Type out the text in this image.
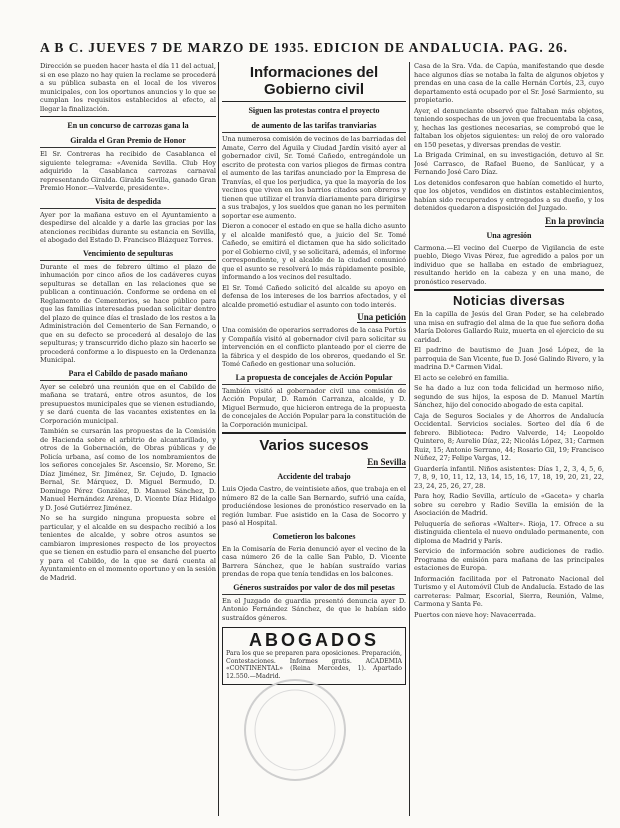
A B C. JUEVES 7 DE MARZO DE 1935. EDICION DE ANDALUCIA. PAG. 26.

Dirección se pueden hacer hasta el día 11 del actual, si en ese plazo no hay quien la reclame se procederá a su pública subasta en el local de los viveros municipales, con los oportunos anuncios y lo que se cumplan los requisitos establecidos al efecto, al llegar la finalización.

En un concurso de carrozas gana la
Giralda el Gran Premio de Honor

El Sr. Contreras ha recibido de Casablanca el siguiente telegrama: «Avenida Sevilla. Club Hoy adquirido la Casablanca carrozas carnaval representando Giralda. Giralda Sevilla, ganado Gran Premio Honor.—Valverde, presidente».

Visita de despedida

Ayer por la mañana estuvo en el Ayuntamiento a despedirse del alcalde y a darle las gracias por las atenciones recibidas durante su estancia en Sevilla, el abogado del Estado D. Francisco Blázquez Torres.

Vencimiento de sepulturas

Durante el mes de febrero último el plazo de inhumación por cinco años de los cadáveres cuyas sepulturas se detallan en las relaciones que se publican a continuación. Conforme se ordena en el Reglamento de Cementerios, se hace público para que las familias interesadas puedan solicitar dentro del plazo de quince días el traslado de los restos a la Administración del Cementerio de San Fernando, o que en su defecto se procederá al desalojo de las sepulturas; y transcurrido dicho plazo sin hacerlo se procederá conforme a lo dispuesto en la Ordenanza Municipal.

Para el Cabildo de pasado mañano

Ayer se celebró una reunión que en el Cabildo de mañana se tratará, entre otros asuntos, de los presupuestos municipales que se vienen estudiando, y se dará cuenta de las vacantes existentes en la Corporación municipal.

También se cursarán las propuestas de la Comisión de Hacienda sobre el arbitrio de alcantarillado, y otros de la Gobernación, de Obras públicas y de Policía urbana, así como de los nombramientos de los señores concejales Sr. Ascensio, Sr. Moreno, Sr. Díaz Jiménez, Sr. Jiménez, Sr. Cejudo, D. Ignacio Bernal, Sr. Márquez, D. Miguel Bermudo, D. Domingo Pérez González, D. Manuel Sánchez, D. Manuel Hernández Arenas, D. Vicente Díaz Hidalgo y D. José Gutiérrez Jiménez.

No se ha surgido ninguna propuesta sobre el particular, y el alcalde en su despacho recibió a los tenientes de alcalde, y sobre otros asuntos se cambiaron impresiones respecto de los proyectos que se tienen en estudio para el ensanche del puerto y para el Cabildo, de la que se dará cuenta al Ayuntamiento en el momento oportuno y en la sesión de Madrid.

Informaciones del Gobierno civil
Siguen las protestas contra el proyecto
de aumento de las tarifas tranviarias

Una numerosa comisión de vecinos de las barriadas del Amate, Cerro del Águila y Ciudad Jardín visitó ayer al gobernador civil, Sr. Tomé Cañedo, entregándole un escrito de protesta con varios pliegos de firmas contra el aumento de las tarifas anunciado por la Empresa de Tranvías, el que los perjudica, ya que la mayoría de los vecinos que viven en los barrios citados son obreros y tienen que utilizar el tranvía diariamente para dirigirse a sus trabajos, y los sueldos que ganan no les permiten soportar ese aumento.

Dieron a conocer el estado en que se halla dicho asunto y el alcalde manifestó que, a juicio del Sr. Tomé Cañedo, se emitirá el dictamen que ha sido solicitado por el Gobierno civil, y se solicitará, además, el informe correspondiente, y el alcalde de la ciudad comunicó que el asunto se resolverá lo más rápidamente posible, informando a los vecinos del resultado.

El Sr. Tomé Cañedo solicitó del alcalde su apoyo en defensa de los intereses de los barrios afectados, y el alcalde prometió estudiar el asunto con todo interés.

Una petición

Una comisión de operarios serradores de la casa Portús y Compañía visitó al gobernador civil para solicitar su intervención en el conflicto planteado por el cierre de la fábrica y el despido de los obreros, quedando el Sr. Tomé Cañedo en gestionar una solución.

La propuesta de concejales de Acción Popular

También visitó al gobernador civil una comisión de Acción Popular, D. Ramón Carranza, alcalde, y D. Miguel Bermudo, que hicieron entrega de la propuesta de concejales de Acción Popular para la constitución de la Corporación municipal.

Varios sucesos
En Sevilla
Accidente del trabajo

Luis Ojeda Castro, de veintisiete años, que trabaja en el número 82 de la calle San Bernardo, sufrió una caída, produciéndose lesiones de pronóstico reservado en la región lumbar. Fue asistido en la Casa de Socorro y pasó al Hospital.

Cometieron los balcones

En la Comisaría de Feria denunció ayer el vecino de la casa número 26 de la calle San Pablo, D. Vicente Barrera Sánchez, que le habían sustraído varias prendas de ropa que tenía tendidas en los balcones.

Géneros sustraídos por valor de dos mil pesetas

En el Juzgado de guardia presentó denuncia ayer D. Antonio Fernández Sánchez, de que le habían sido sustraídos géneros.

ABOGADOS

Para los que se preparen para oposiciones. Preparación, Contestaciones. Informes gratis. ACADEMIA «CONTINENTAL» (Reina Mercedes, 1). Apartado 12.550.—Madrid.

Casa de la Sra. Vda. de Capúa, manifestando que desde hace algunos días se notaba la falta de algunos objetos y prendas en una casa de la calle Hernán Cortés, 23, cuyo departamento está ocupado por el Sr. José Sarmiento, su propietario.

Ayer, el denunciante observó que faltaban más objetos, teniendo sospechas de un joven que frecuentaba la casa, y, hechas las gestiones necesarias, se comprobó que le faltaban los objetos siguientes: un reloj de oro valorado en 150 pesetas, y diversas prendas de vestir.

La Brigada Criminal, en su investigación, detuvo al Sr. José Carrasco, de Rafael Bueno, de Sanlúcar, y a Fernando José Caro Díaz.

Los detenidos confesaron que habían cometido el hurto, que los objetos, vendidos en distintos establecimientos, habían sido recuperados y entregados a su dueño, y los detenidos quedaron a disposición del Juzgado.

En la provincia
Una agresión

Carmona.—El vecino del Cuerpo de Vigilancia de este pueblo, Diego Vivas Pérez, fue agredido a palos por un individuo que se hallaba en estado de embriaguez, resultando herido en la cabeza y en una mano, de pronóstico reservado.

Noticias diversas

En la capilla de Jesús del Gran Poder, se ha celebrado una misa en sufragio del alma de la que fue señora doña María Dolores Gallardo Ruiz, muerta en el ejercicio de su caridad.

El padrino de bautismo de Juan José López, de la parroquia de San Vicente, fue D. José Galindo Rivero, y la madrina D.ª Carmen Vidal.

El acto se celebró en familia.

Se ha dado a luz con toda felicidad un hermoso niño, segundo de sus hijos, la esposa de D. Manuel Martín Sánchez, hijo del conocido abogado de esta capital.

Caja de Seguros Sociales y de Ahorros de Andalucía Occidental. Servicios sociales. Sorteo del día 6 de febrero. Biblioteca: Pedro Valverde, 14; Leopoldo Quintero, 8; Aurelio Díaz, 22; Nicolás López, 31; Carmen Ruiz, 15; Antonio Serrano, 44; Rosario Gil, 19; Francisco Núñez, 27; Felipe Vargas, 12.

Guardería infantil. Niños asistentes: Días 1, 2, 3, 4, 5, 6, 7, 8, 9, 10, 11, 12, 13, 14, 15, 16, 17, 18, 19, 20, 21, 22, 23, 24, 25, 26, 27, 28.

Para hoy, Radio Sevilla, artículo de «Gaceta» y charla sobre su cerebro y Radio Sevilla la emisión de la Asociación de Madrid.

Peluquería de señoras «Walter». Rioja, 17. Ofrece a su distinguida clientela el nuevo ondulado permanente, con diploma de Madrid y París.

Servicio de información sobre audiciones de radio. Programa de emisión para mañana de las principales estaciones de Europa.

Información facilitada por el Patronato Nacional del Turismo y el Automóvil Club de Andalucía. Estado de las carreteras: Palmar, Escorial, Sierra, Reunión, Valme, Carmona y Santa Fe.

Puertos con nieve hoy: Navacerrada.
